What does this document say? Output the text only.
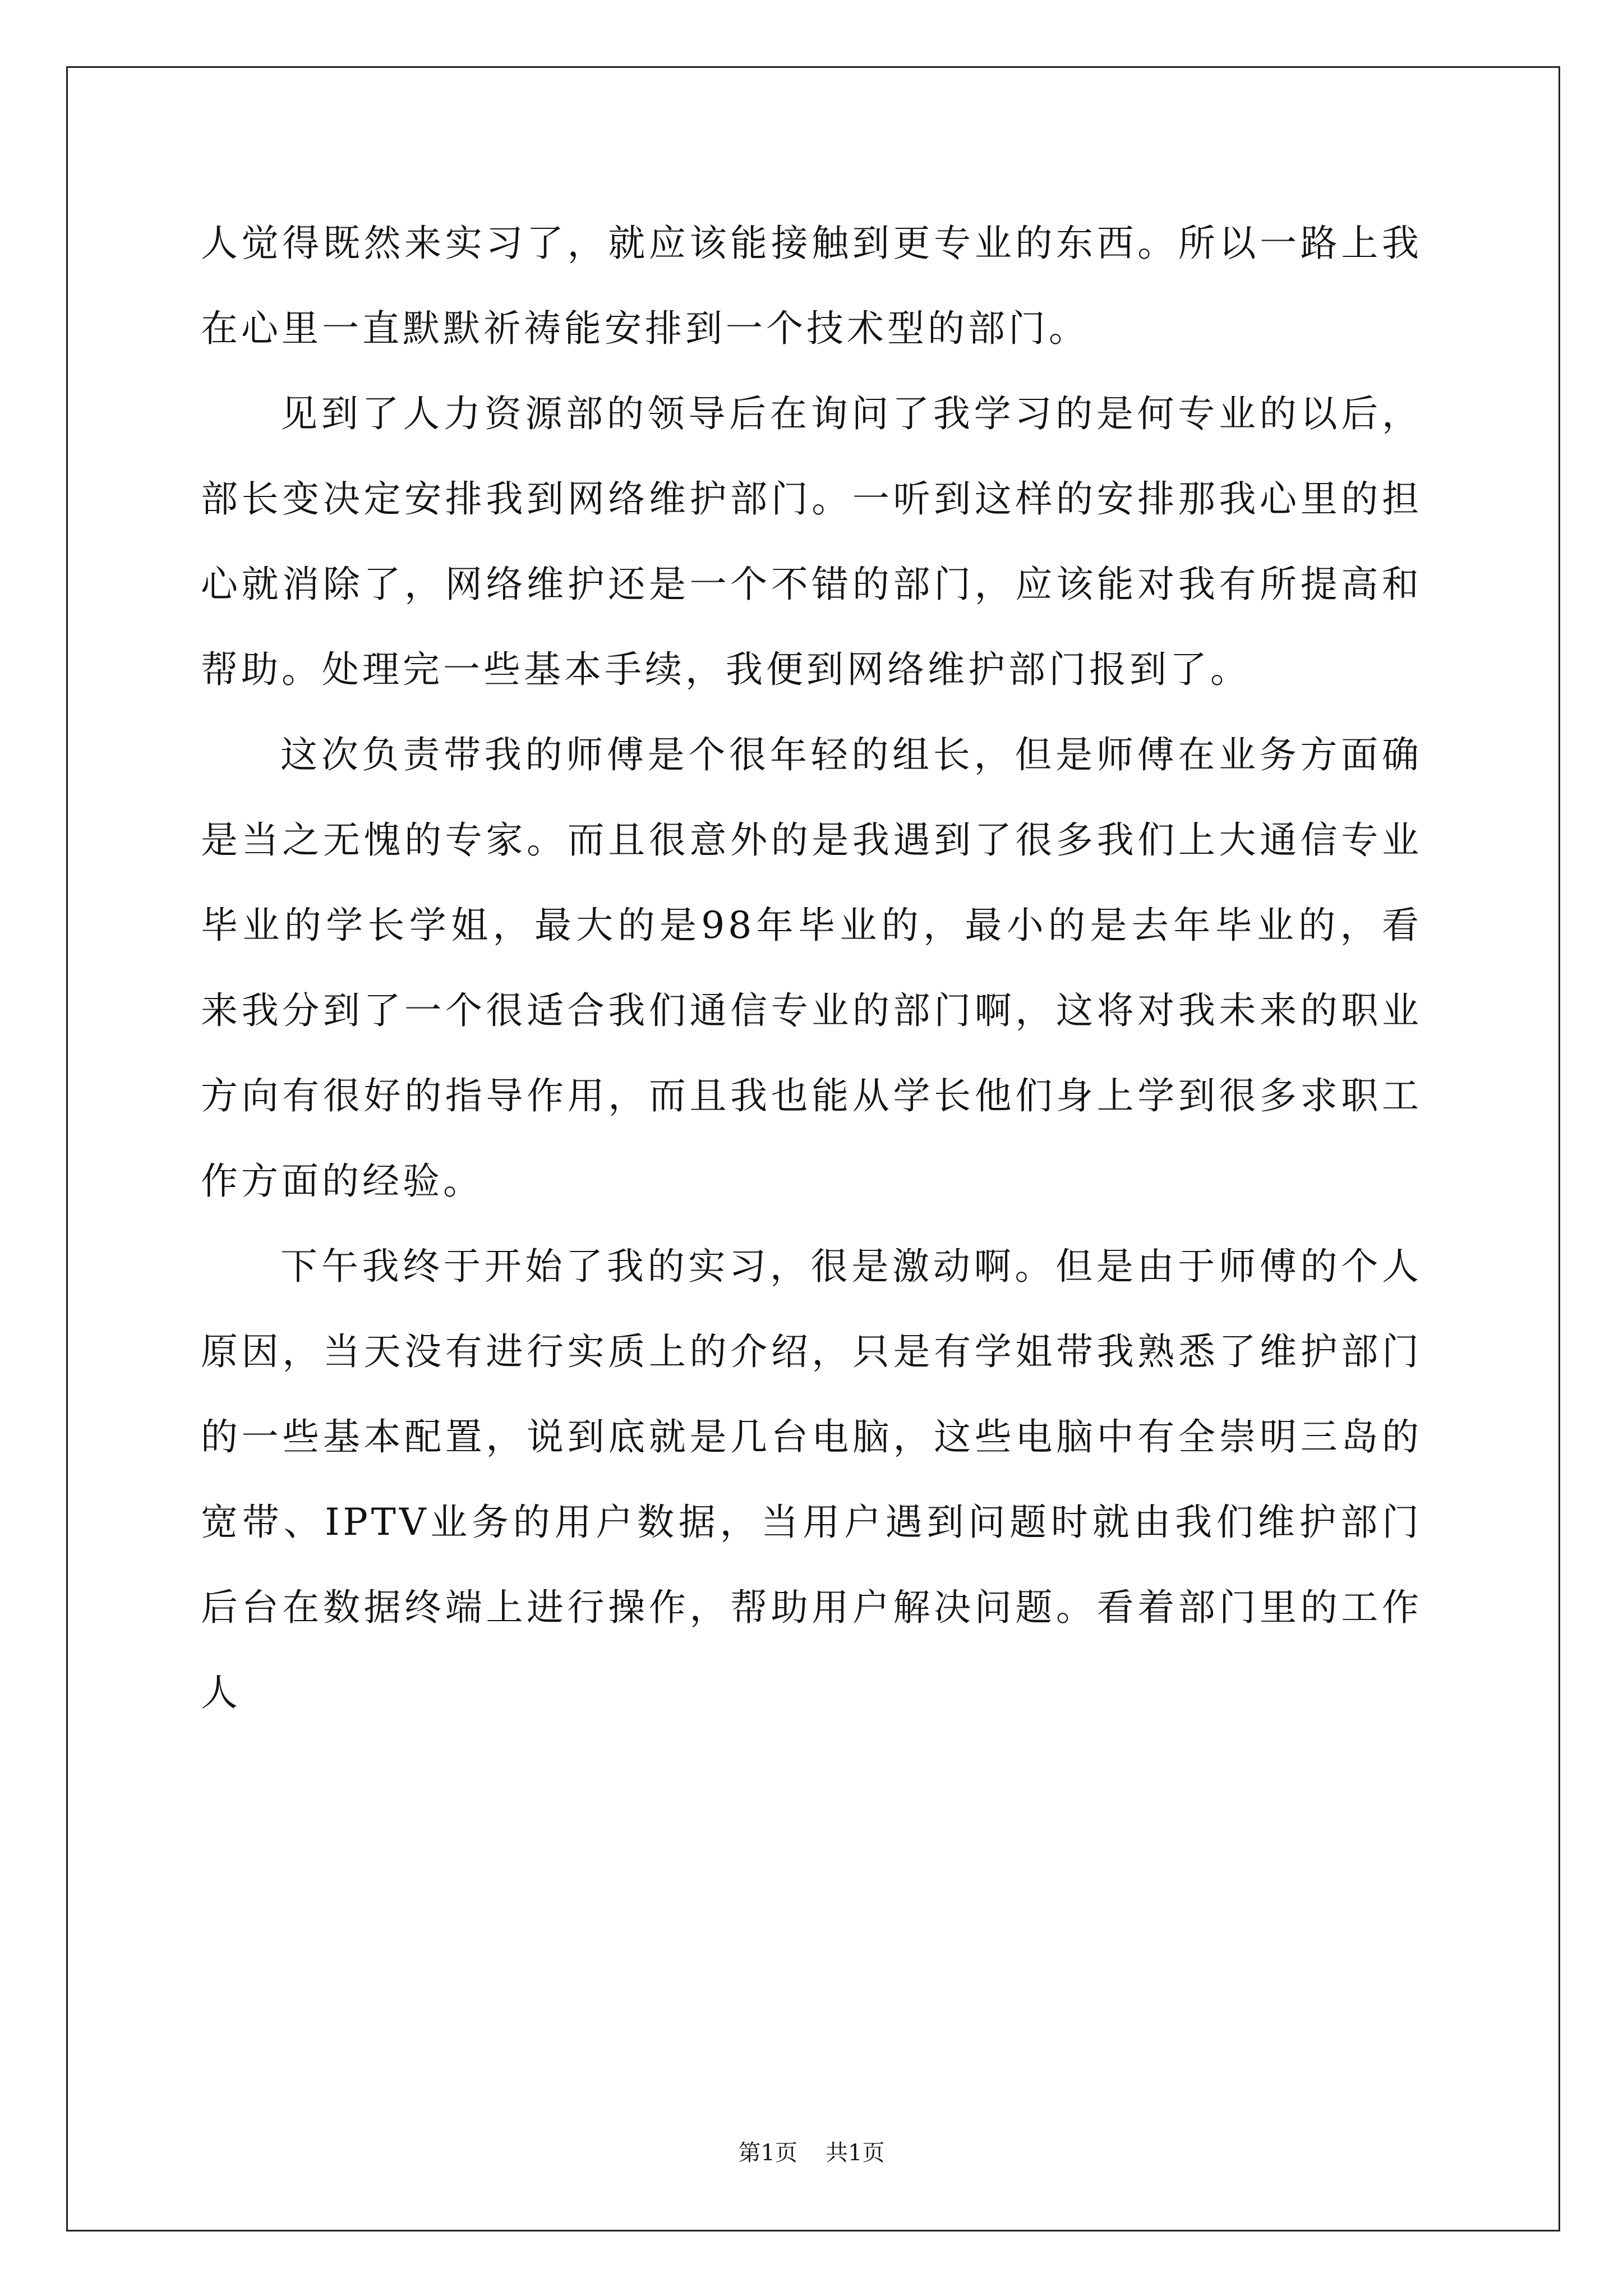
人觉得既然来实习了，就应该能接触到更专业的东西。所以一路上我在心里一直默默祈祷能安排到一个技术型的部门。

见到了人力资源部的领导后在询问了我学习的是何专业的以后，部长变决定安排我到网络维护部门。一听到这样的安排那我心里的担心就消除了，网络维护还是一个不错的部门，应该能对我有所提高和帮助。处理完一些基本手续，我便到网络维护部门报到了。

这次负责带我的师傅是个很年轻的组长，但是师傅在业务方面确是当之无愧的专家。而且很意外的是我遇到了很多我们上大通信专业毕业的学长学姐，最大的是98年毕业的，最小的是去年毕业的，看来我分到了一个很适合我们通信专业的部门啊，这将对我未来的职业方向有很好的指导作用，而且我也能从学长他们身上学到很多求职工作方面的经验。

下午我终于开始了我的实习，很是激动啊。但是由于师傅的个人原因，当天没有进行实质上的介绍，只是有学姐带我熟悉了维护部门的一些基本配置，说到底就是几台电脑，这些电脑中有全崇明三岛的宽带、IPTV业务的用户数据，当用户遇到问题时就由我们维护部门后台在数据终端上进行操作，帮助用户解决问题。看着部门里的工作人

第1页 共1页
